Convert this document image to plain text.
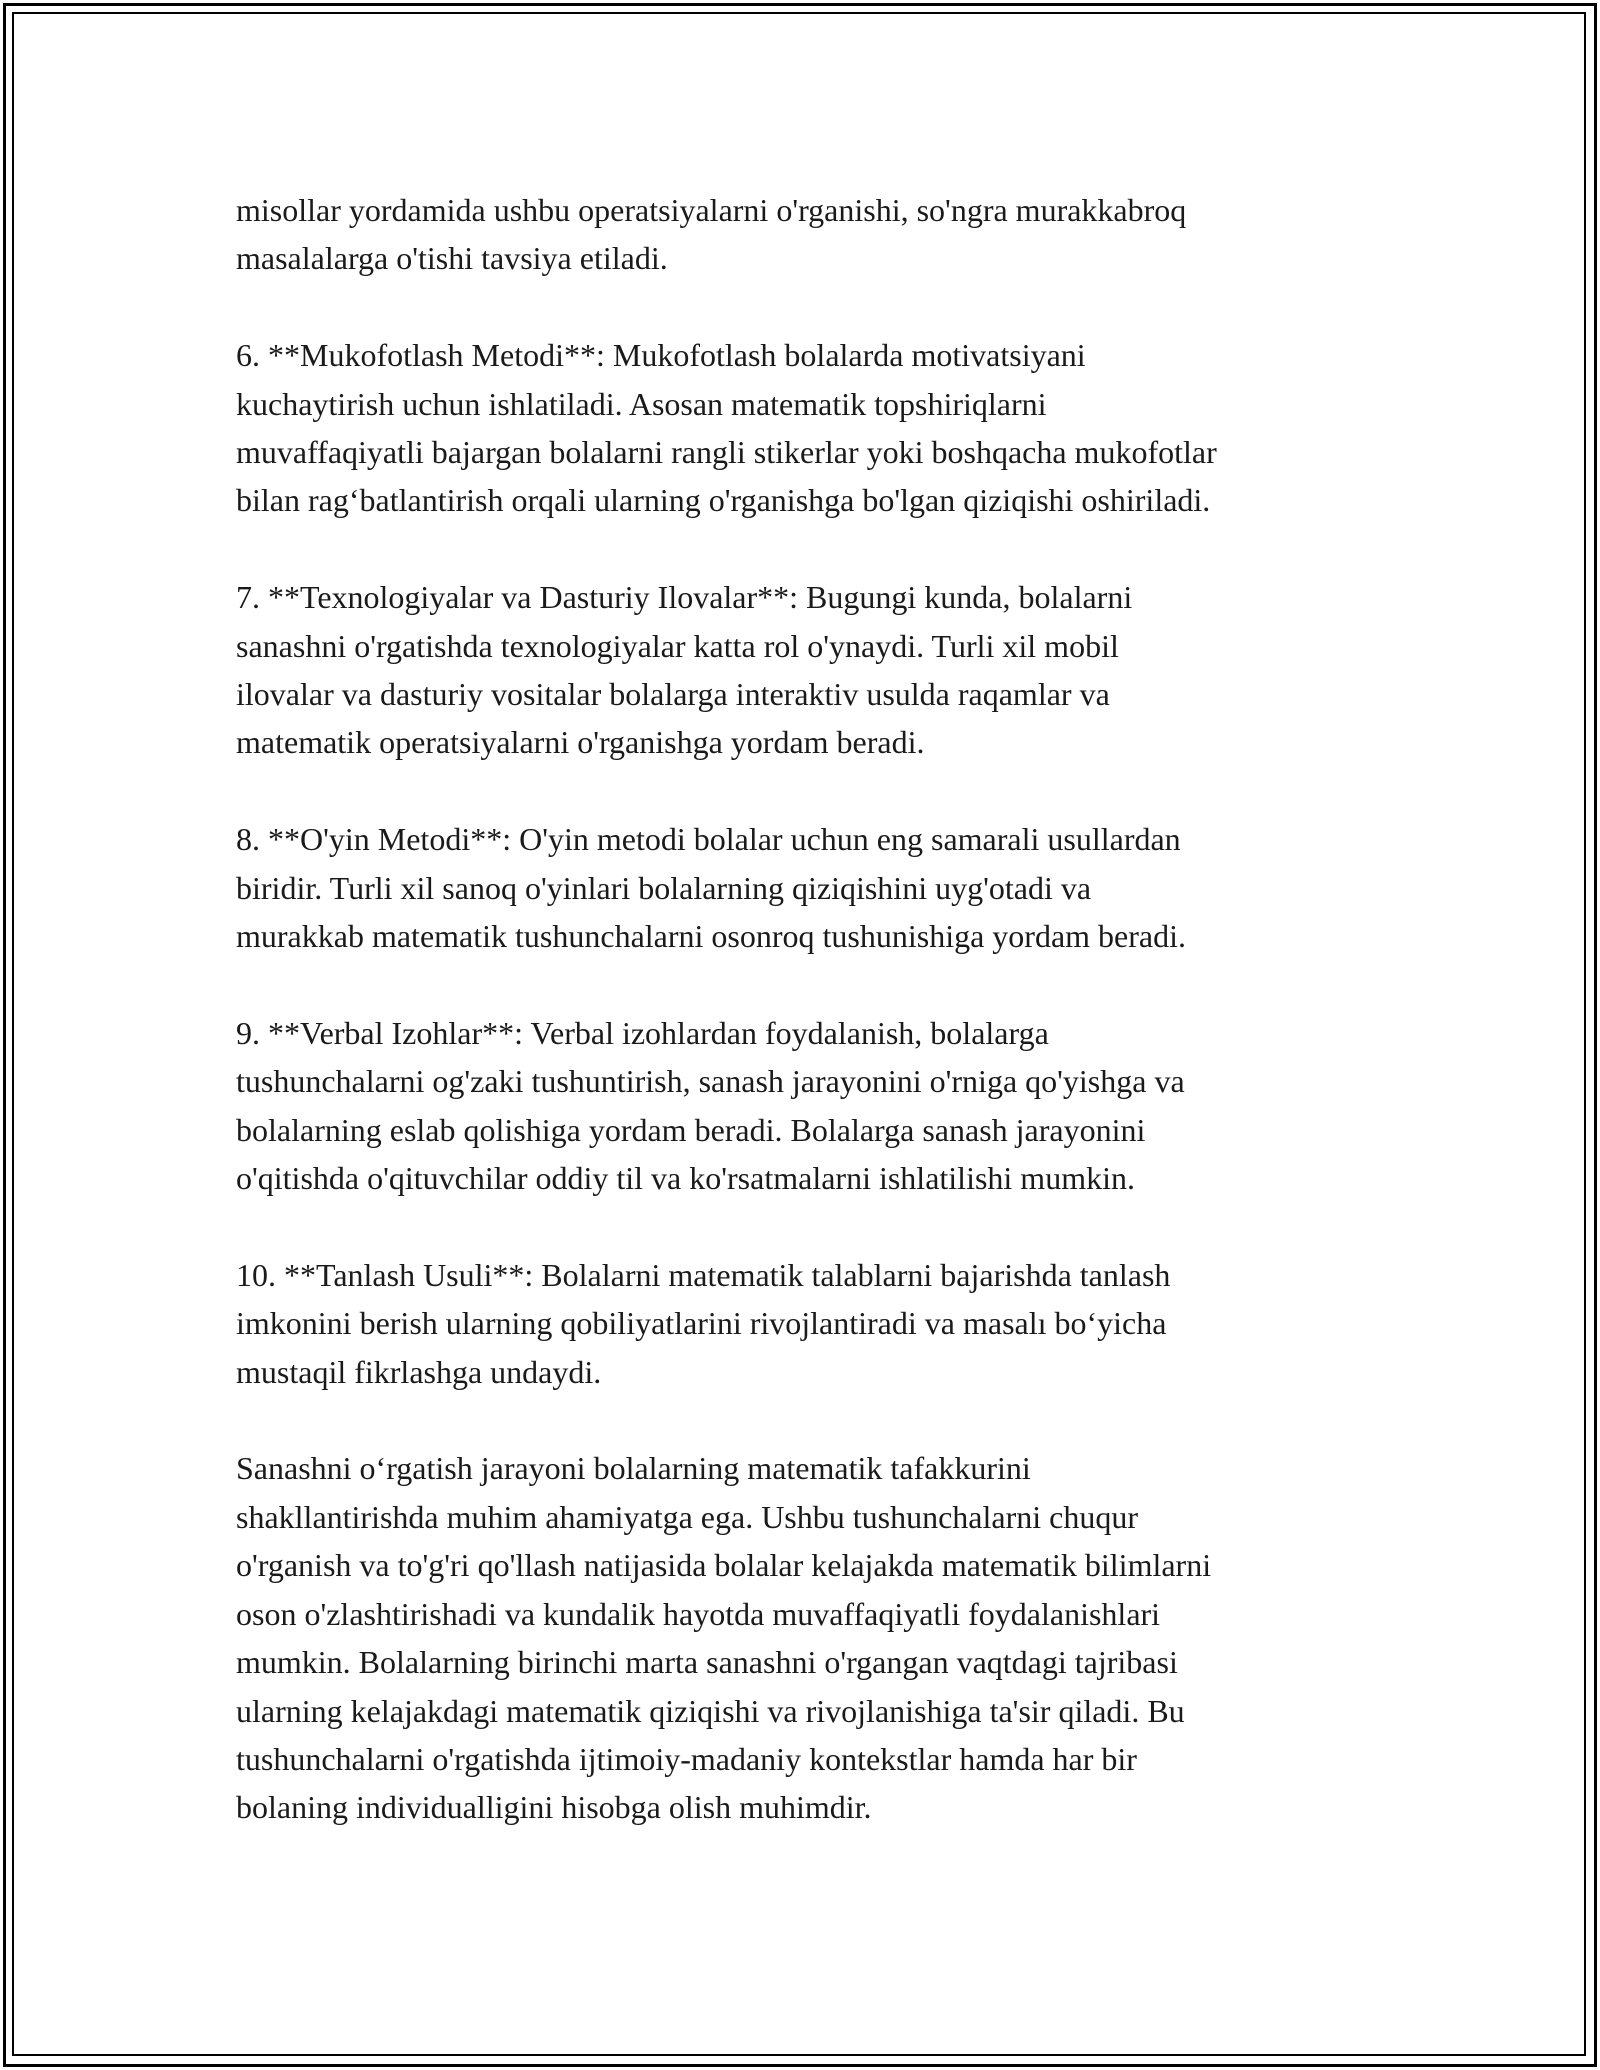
misollar yordamida ushbu operatsiyalarni o'rganishi, so'ngra murakkabroq
masalalarga o'tishi tavsiya etiladi.
6. **Mukofotlash Metodi**: Mukofotlash bolalarda motivatsiyani
kuchaytirish uchun ishlatiladi. Asosan matematik topshiriqlarni
muvaffaqiyatli bajargan bolalarni rangli stikerlar yoki boshqacha mukofotlar
bilan rag‘batlantirish orqali ularning o'rganishga bo'lgan qiziqishi oshiriladi.
7. **Texnologiyalar va Dasturiy Ilovalar**: Bugungi kunda, bolalarni
sanashni o'rgatishda texnologiyalar katta rol o'ynaydi. Turli xil mobil
ilovalar va dasturiy vositalar bolalarga interaktiv usulda raqamlar va
matematik operatsiyalarni o'rganishga yordam beradi.
8. **O'yin Metodi**: O'yin metodi bolalar uchun eng samarali usullardan
biridir. Turli xil sanoq o'yinlari bolalarning qiziqishini uyg'otadi va
murakkab matematik tushunchalarni osonroq tushunishiga yordam beradi.
9. **Verbal Izohlar**: Verbal izohlardan foydalanish, bolalarga
tushunchalarni og'zaki tushuntirish, sanash jarayonini o'rniga qo'yishga va
bolalarning eslab qolishiga yordam beradi. Bolalarga sanash jarayonini
o'qitishda o'qituvchilar oddiy til va ko'rsatmalarni ishlatilishi mumkin.
10. **Tanlash Usuli**: Bolalarni matematik talablarni bajarishda tanlash
imkonini berish ularning qobiliyatlarini rivojlantiradi va masalı bo‘yicha
mustaqil fikrlashga undaydi.
Sanashni o‘rgatish jarayoni bolalarning matematik tafakkurini
shakllantirishda muhim ahamiyatga ega. Ushbu tushunchalarni chuqur
o'rganish va to'g'ri qo'llash natijasida bolalar kelajakda matematik bilimlarni
oson o'zlashtirishadi va kundalik hayotda muvaffaqiyatli foydalanishlari
mumkin. Bolalarning birinchi marta sanashni o'rgangan vaqtdagi tajribasi
ularning kelajakdagi matematik qiziqishi va rivojlanishiga ta'sir qiladi. Bu
tushunchalarni o'rgatishda ijtimoiy-madaniy kontekstlar hamda har bir
bolaning individualligini hisobga olish muhimdir.
